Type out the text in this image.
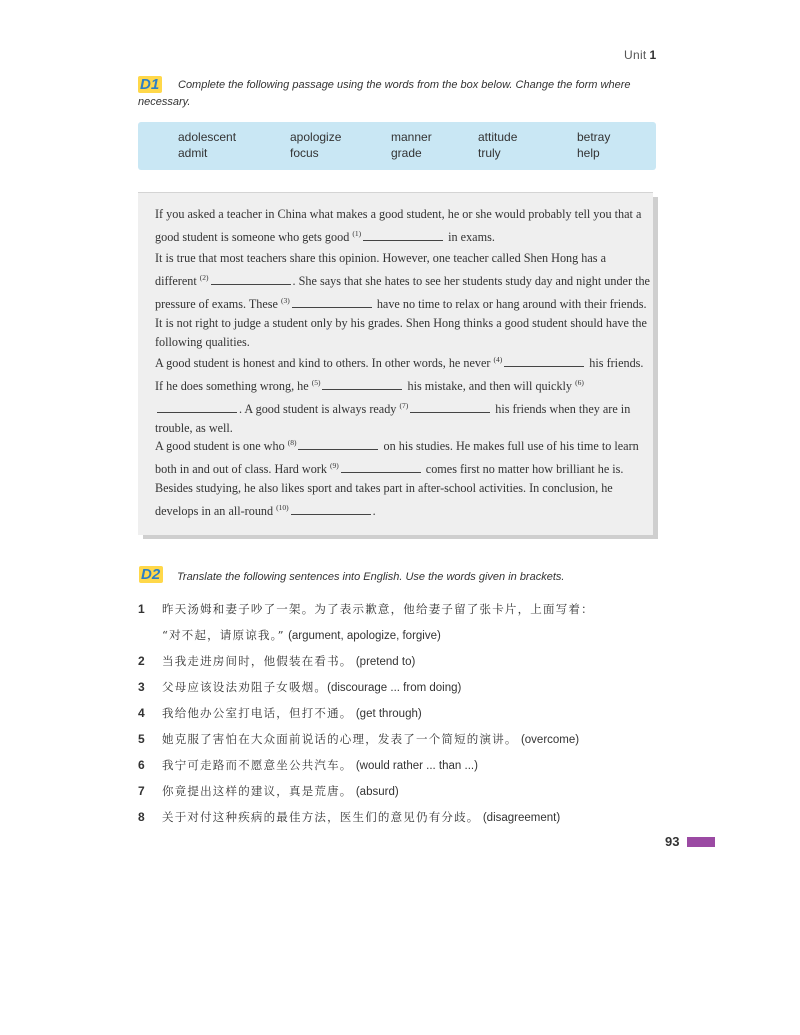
Unit 1
D1	Complete the following passage using the words from the box below. Change the form where necessary.
adolescent	apologize	manner	attitude	betray
admit	focus	grade	truly	help
If you asked a teacher in China what makes a good student, he or she would probably tell you that a good student is someone who gets good $^{(1)}$	in exams.
It is true that most teachers share this opinion. However, one teacher called Shen Hong has a different $^{(2)}$	. She says that she hates to see her students study day and night under the pressure of exams. These $^{(3)}$	have no time to relax or hang around with their friends. It is not right to judge a student only by his grades. Shen Hong thinks a good student should have the following qualities.
A good student is honest and kind to others. In other words, he never $^{(4)}$	his friends. If he does something wrong, he $^{(5)}$	his mistake, and then will quickly $^{(6)}$. A good student is always ready $^{(7)}$	his friends when they are in trouble, as well.
A good student is one who $^{(8)}$	on his studies. He makes full use of his time to learn both in and out of class. Hard work $^{(9)}$	comes first no matter how brilliant he is. Besides studying, he also likes sport and takes part in after-school activities. In conclusion, he develops in an all-round $^{(10)}$	.
D2 Translate the following sentences into English. Use the words given in brackets.
1 昨天汤姆和妻子吵了一架。为了表示歉意，他给妻子留了张卡片，上面写着：
“对不起，请原谅我。” (argument, apologize, forgive)
2 当我走进房间时，他假装在看书。 (pretend to)
3 父母应该设法劝阻子女吸烟。(discourage ... from doing)
4 我给他办公室打电话，但打不通。 (get through)
5 她克服了害怕在大众面前说话的心理，发表了一个简短的演讲。 (overcome)
6 我宁可走路而不愿意坐公共汽车。 (would rather ... than ...)
7 你竟提出这样的建议，真是荒唐。 (absurd)
8 关于对付这种疾病的最佳方法，医生们的意见仍有分歧。 (disagreement)
93
